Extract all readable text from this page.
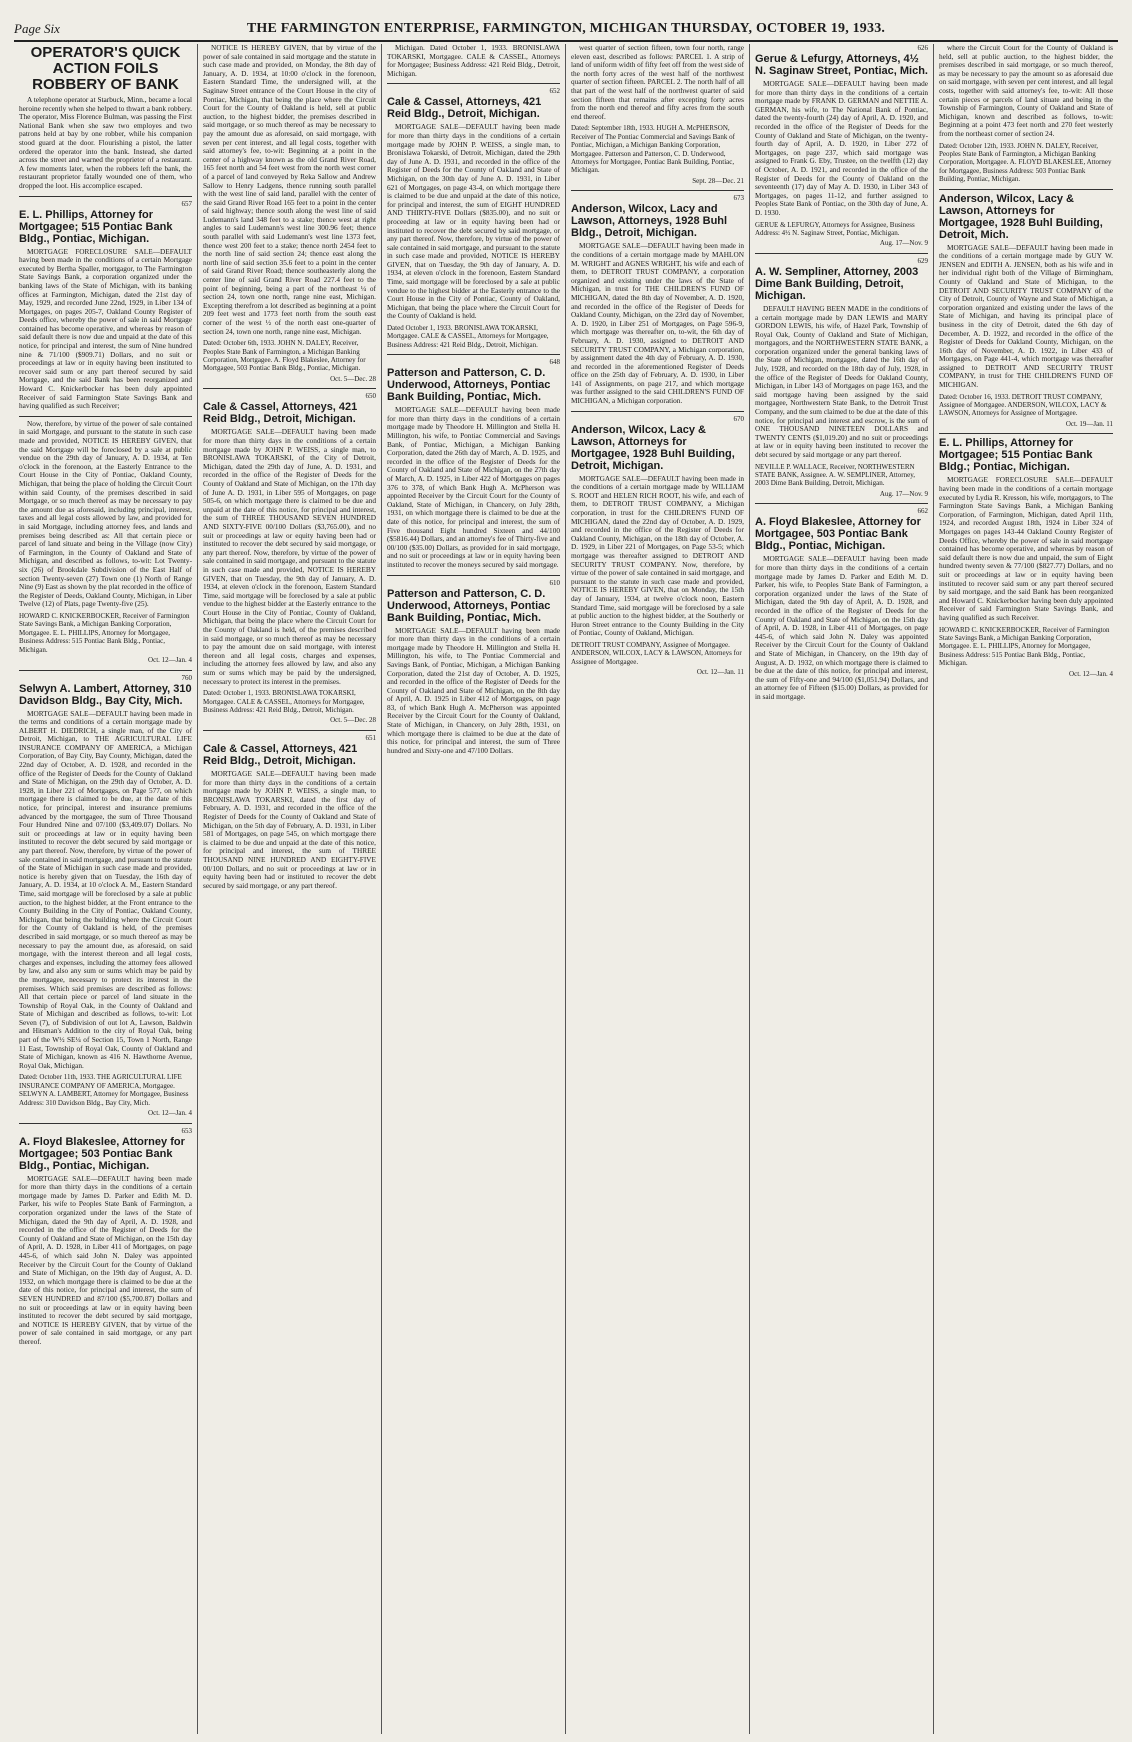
Page Six	THE FARMINGTON ENTERPRISE, FARMINGTON, MICHIGAN THURSDAY, OCTOBER 19, 1933.
OPERATOR'S QUICK ACTION FOILS ROBBERY OF BANK
A telephone operator at Starbuck, Minn., became a local heroine recently when she helped to thwart a bank robbery. The operator, Miss Florence Bulman, was passing the First National Bank when she saw two employes and two patrons held at bay by one robber, while his companion stood guard at the door. Flourishing a pistol, the latter ordered the operator into the bank. Instead, she darted across the street and warned the proprietor of a restaurant. A few moments later, when the robbers left the bank, the restaurant proprietor fatally wounded one of them, who dropped the loot. His accomplice escaped.
657
E. L. Phillips, Attorney for Mortgagee; 515 Pontiac Bank Bldg., Pontiac, Michigan.
MORTGAGE FORECLOSURE SALE—DEFAULT having been made in the conditions of a certain Mortgage executed by Bertha Spaller, mortgagor, to The Farmington State Savings Bank, a corporation organized under the banking laws of the State of Michigan, with its banking offices at Farmington, Michigan, dated the 21st day of May, 1929, and recorded June 22nd, 1929, in Liber 134 of Mortgages, on pages 205-7, Oakland County Register of Deeds office, whereby the power of sale in said Mortgage contained has become operative, and whereas by reason of said default there is now due and unpaid at the date of this notice, for principal and interest, the sum of Nine hundred nine & 71/100 ($909.71) Dollars, and no suit or proceedings at law or in equity having been instituted to recover said sum or any part thereof secured by said Mortgage, and the said Bank has been reorganized and Howard C. Knickerbocker has been duly appointed Receiver of said Farmington State Savings Bank and having qualified as such Receiver;
Now, therefore, by virtue of the power of sale contained in said Mortgage, and pursuant to the statute in such case made and provided, NOTICE IS HEREBY GIVEN, that the said Mortgage will be foreclosed by a sale at public vendue on the 29th day of January, A. D. 1934, at Ten o'clock in the forenoon, at the Easterly Entrance to the Court House in the City of Pontiac, Oakland County, Michigan, that being the place of holding the Circuit Court within said County, of the premises described in said Mortgage, or so much thereof as may be necessary to pay the amount due as aforesaid, including principal, interest, taxes and all legal costs allowed by law, and provided for in said Mortgage, including attorney fees, and lands and premises being described as: All that certain piece or parcel of land situate and being in the Village (now City) of Farmington, in the County of Oakland and State of Michigan, and described as follows, to-wit: Lot Twenty-six (26) of Brookdale Subdivision of the East Half of section Twenty-seven (27) Town one (1) North of Range Nine (9) East as shown by the plat recorded in the office of the Register of Deeds, Oakland County, Michigan, in Liber Twelve (12) of Plats, page Twenty-five (25).
HOWARD C. KNICKERBOCKER, Receiver of Farmington State Savings Bank, a Michigan Banking Corporation, Mortgagee. E. L. PHILLIPS, Attorney for Mortgagee, Business Address: 515 Pontiac Bank Bldg., Pontiac, Michigan.
Oct. 12—Jan. 4
760
Selwyn A. Lambert, Attorney, 310 Davidson Bldg., Bay City, Mich.
MORTGAGE SALE—DEFAULT having been made in the terms and conditions of a certain mortgage made by ALBERT H. DIEDRICH, a single man, of the City of Detroit, Michigan, to THE AGRICULTURAL LIFE INSURANCE COMPANY OF AMERICA, a Michigan Corporation, of Bay City, Bay County, Michigan, dated the 22nd day of October, A. D. 1928, and recorded in the office of the Register of Deeds for the County of Oakland and State of Michigan, on the 29th day of October, A. D. 1928, in Liber 221 of Mortgages, on Page 577, on which mortgage there is claimed to be due, at the date of this notice, for principal, interest and insurance premiums advanced by the mortgagee, the sum of Three Thousand Four Hundred Nine and 07/100 ($3,409.07) Dollars. No suit or proceedings at law or in equity having been instituted to recover the debt secured by said mortgage or any part thereof. Now, therefore, by virtue of the power of sale contained in said mortgage, and pursuant to the statute of the State of Michigan in such case made and provided, notice is hereby given that on Tuesday, the 16th day of January, A. D. 1934, at 10 o'clock A. M., Eastern Standard Time, said mortgage will be foreclosed by a sale at public auction, to the highest bidder, at the Front entrance to the County Building in the City of Pontiac, Oakland County, Michigan, that being the building where the Circuit Court for the County of Oakland is held, of the premises described in said mortgage, or so much thereof as may be necessary to pay the amount due, as aforesaid, on said mortgage, with the interest thereon and all legal costs, charges and expenses, including the attorney fees allowed by law, and also any sum or sums which may be paid by the mortgagee, necessary to protect its interest in the premises. Which said premises are described as follows: All that certain piece or parcel of land situate in the Township of Royal Oak, in the County of Oakland and State of Michigan and described as follows, to-wit: Lot Seven (7), of Subdivision of out lot A, Lawson, Baldwin and Hitsman's Addition to the city of Royal Oak, being part of the W½ SE¼ of Section 15, Town 1 North, Range 11 East, Township of Royal Oak, County of Oakland and State of Michigan, known as 416 N. Hawthorne Avenue, Royal Oak, Michigan.
Dated: October 11th, 1933. THE AGRICULTURAL LIFE INSURANCE COMPANY OF AMERICA, Mortgagee. SELWYN A. LAMBERT, Attorney for Mortgagee, Business Address: 310 Davidson Bldg., Bay City, Mich.
Oct. 12—Jan. 4
653
A. Floyd Blakeslee, Attorney for Mortgagee; 503 Pontiac Bank Bldg., Pontiac, Michigan.
MORTGAGE SALE—DEFAULT having been made for more than thirty days in the conditions of a certain mortgage made by James D. Parker and Edith M. D. Parker, his wife to Peoples State Bank of Farmington, a corporation organized under the laws of the State of Michigan, dated the 9th day of April, A. D. 1928, and recorded in the office of the Register of Deeds for the County of Oakland and State of Michigan, on the 15th day of April, A. D. 1928, in Liber 411 of Mortgages, on page 445-6, of which said John N. Daley was appointed Receiver by the Circuit Court for the County of Oakland and State of Michigan, on the 19th day of August, A. D. 1932, on which mortgage there is claimed to be due at the date of this notice, for principal and interest, the sum of SEVEN HUNDRED and 87/100 ($5,700.87) Dollars and no suit or proceedings at law or in equity having been instituted to recover the debt secured by said mortgage, and NOTICE IS HEREBY GIVEN, that by virtue of the power of sale contained in said mortgage, or any part thereof.
NOTICE IS HEREBY GIVEN, that by virtue of the power of sale contained in said mortgage and the statute in such case made and provided, on Monday, the 8th day of January, A. D. 1934, at 10:00 o'clock in the forenoon, Eastern Standard Time, the undersigned will, at the Saginaw Street entrance of the Court House in the city of Pontiac, Michigan, that being the place where the Circuit Court for the County of Oakland is held, sell at public auction, to the highest bidder, the premises described in said mortgage, or so much thereof as may be necessary to pay the amount due as aforesaid, on said mortgage, with seven per cent interest, and all legal costs, together with said attorney's fee, to-wit: Beginning at a point in the center of a highway known as the old Grand River Road, 165 feet north and 54 feet west from the north west corner of a parcel of land conveyed by Reka Sallow and Andrew Sallow to Henry Ladgens, thence running south parallel with the west line of said land, parallel with the center of the said Grand River Road 165 feet to a point in the center of said highway; thence south along the west line of said Ludemann's land 348 feet to a stake; thence west at right angles to said Ludemann's west line 300.96 feet; thence south parallel with said Ludemann's west line 1373 feet, thence west 200 feet to a stake; thence north 2454 feet to the north line of said section 24; thence east along the north line of said section 35.6 feet to a point in the center of said Grand River Road; thence southeasterly along the center line of said Grand River Road 227.4 feet to the point of beginning, being a part of the northeast ¼ of section 24, town one north, range nine east, Michigan. Excepting therefrom a lot described as beginning at a point 209 feet west and 1773 feet north from the south east corner of the west ½ of the north east one-quarter of section 24, town one north, range nine east, Michigan.
Dated: October 6th, 1933. JOHN N. DALEY, Receiver, Peoples State Bank of Farmington, a Michigan Banking Corporation, Mortgagee. A. Floyd Blakeslee, Attorney for Mortgagee, 503 Pontiac Bank Bldg., Pontiac, Michigan.
Oct. 5—Dec. 28
650
Cale & Cassel, Attorneys, 421 Reid Bldg., Detroit, Michigan.
MORTGAGE SALE—DEFAULT having been made for more than thirty days in the conditions of a certain mortgage made by JOHN P. WEISS, a single man, to BRONISLAWA TOKARSKI, of the City of Detroit, Michigan, dated the 29th day of June, A. D. 1931, and recorded in the office of the Register of Deeds for the County of Oakland and State of Michigan, on the 17th day of June A. D. 1931, in Liber 595 of Mortgages, on page 505-6, on which mortgage there is claimed to be due and unpaid at the date of this notice, for principal and interest, the sum of THREE THOUSAND SEVEN HUNDRED AND SIXTY-FIVE 00/100 Dollars ($3,765.00), and no suit or proceedings at law or equity having been had or instituted to recover the debt secured by said mortgage, or any part thereof. Now, therefore, by virtue of the power of sale contained in said mortgage, and pursuant to the statute in such case made and provided, NOTICE IS HEREBY GIVEN, that on Tuesday, the 9th day of January, A. D. 1934, at eleven o'clock in the forenoon, Eastern Standard Time, said mortgage will be foreclosed by a sale at public vendue to the highest bidder at the Easterly entrance to the Court House in the City of Pontiac, County of Oakland, Michigan, that being the place where the Circuit Court for the County of Oakland is held, of the premises described in said mortgage, or so much thereof as may be necessary to pay the amount due on said mortgage, with interest thereon and all legal costs, charges and expenses, including the attorney fees allowed by law, and also any sum or sums which may be paid by the undersigned, necessary to protect its interest in the premises.
Dated: October 1, 1933. BRONISLAWA TOKARSKI, Mortgagee. CALE & CASSEL, Attorneys for Mortgagee, Business Address: 421 Reid Bldg., Detroit, Michigan.
Oct. 5—Dec. 28
651
Cale & Cassel, Attorneys, 421 Reid Bldg., Detroit, Michigan.
MORTGAGE SALE—DEFAULT having been made for more than thirty days in the conditions of a certain mortgage made by JOHN P. WEISS, a single man, to BRONISLAWA TOKARSKI, dated the first day of February, A. D. 1931, and recorded in the office of the Register of Deeds for the County of Oakland and State of Michigan, on the 5th day of February, A. D. 1931, in Liber 581 of Mortgages, on page 545, on which mortgage there is claimed to be due and unpaid at the date of this notice, for principal and interest, the sum of THREE THOUSAND NINE HUNDRED AND EIGHTY-FIVE 00/100 Dollars, and no suit or proceedings at law or in equity having been had or instituted to recover the debt secured by said mortgage, or any part thereof.
Michigan. Dated October 1, 1933. BRONISLAWA TOKARSKI, Mortgagee. CALE & CASSEL, Attorneys for Mortgagee; Business Address: 421 Reid Bldg., Detroit, Michigan.
652
Cale & Cassel, Attorneys, 421 Reid Bldg., Detroit, Michigan.
MORTGAGE SALE—DEFAULT having been made for more than thirty days in the conditions of a certain mortgage made by JOHN P. WEISS, a single man, to Bronislawa Tokarski, of Detroit, Michigan, dated the 29th day of June A. D. 1931, and recorded in the office of the Register of Deeds for the County of Oakland and State of Michigan, on the 30th day of June A. D. 1931, in Liber 621 of Mortgages, on page 43-4, on which mortgage there is claimed to be due and unpaid at the date of this notice, for principal and interest, the sum of EIGHT HUNDRED AND THIRTY-FIVE Dollars ($835.00), and no suit or proceeding at law or in equity having been had or instituted to recover the debt secured by said mortgage, or any part thereof. Now, therefore, by virtue of the power of sale contained in said mortgage, and pursuant to the statute in such case made and provided, NOTICE IS HEREBY GIVEN, that on Tuesday, the 9th day of January, A. D. 1934, at eleven o'clock in the forenoon, Eastern Standard Time, said mortgage will be foreclosed by a sale at public vendue to the highest bidder at the Easterly entrance to the Court House in the City of Pontiac, County of Oakland, Michigan, that being the place where the Circuit Court for the County of Oakland is held.
Dated October 1, 1933. BRONISLAWA TOKARSKI, Mortgagee. CALE & CASSEL, Attorneys for Mortgagee, Business Address: 421 Reid Bldg., Detroit, Michigan.
648
Patterson and Patterson, C. D. Underwood, Attorneys, Pontiac Bank Building, Pontiac, Mich.
MORTGAGE SALE—DEFAULT having been made for more than thirty days in the conditions of a certain mortgage made by Theodore H. Millington and Stella H. Millington, his wife, to Pontiac Commercial and Savings Bank, of Pontiac, Michigan, a Michigan Banking Corporation, dated the 26th day of March, A. D. 1925, and recorded in the office of the Register of Deeds for the County of Oakland and State of Michigan, on the 27th day of March, A. D. 1925, in Liber 422 of Mortgages on pages 376 to 378, of which Bank Hugh A. McPherson was appointed Receiver by the Circuit Court for the County of Oakland, State of Michigan, in Chancery, on July 28th, 1931, on which mortgage there is claimed to be due at the date of this notice, for principal and interest, the sum of Five thousand Eight hundred Sixteen and 44/100 ($5816.44) Dollars, and an attorney's fee of Thirty-five and 00/100 ($35.00) Dollars, as provided for in said mortgage, and no suit or proceedings at law or in equity having been instituted to recover the moneys secured by said mortgage.
610
Patterson and Patterson, C. D. Underwood, Attorneys, Pontiac Bank Building, Pontiac, Mich.
MORTGAGE SALE—DEFAULT having been made for more than thirty days in the conditions of a certain mortgage made by Theodore H. Millington and Stella H. Millington, his wife, to The Pontiac Commercial and Savings Bank, of Pontiac, Michigan, a Michigan Banking Corporation, dated the 21st day of October, A. D. 1925, and recorded in the office of the Register of Deeds for the County of Oakland and State of Michigan, on the 8th day of April, A. D. 1925 in Liber 412 of Mortgages, on page 83, of which Bank Hugh A. McPherson was appointed Receiver by the Circuit Court for the County of Oakland, State of Michigan, in Chancery, on July 28th, 1931, on which mortgage there is claimed to be due at the date of this notice, for principal and interest, the sum of Three hundred and Sixty-one and 47/100 Dollars.
west quarter of section fifteen, town four north, range eleven east, described as follows: PARCEL 1. A strip of land of uniform width of fifty feet off from the west side of the north forty acres of the west half of the northwest quarter of section fifteen. PARCEL 2. The north half of all that part of the west half of the northwest quarter of said section fifteen that remains after excepting forty acres from the north end thereof and fifty acres from the south end thereof.
Dated: September 18th, 1933. HUGH A. McPHERSON, Receiver of The Pontiac Commercial and Savings Bank of Pontiac, Michigan, a Michigan Banking Corporation, Mortgagee. Patterson and Patterson, C. D. Underwood, Attorneys for Mortgagee, Pontiac Bank Building, Pontiac, Michigan.
Sept. 28—Dec. 21
673
Anderson, Wilcox, Lacy and Lawson, Attorneys, 1928 Buhl Bldg., Detroit, Michigan.
MORTGAGE SALE—DEFAULT having been made in the conditions of a certain mortgage made by MAHLON M. WRIGHT and AGNES WRIGHT, his wife and each of them, to DETROIT TRUST COMPANY, a corporation organized and existing under the laws of the State of Michigan, in trust for THE CHILDREN'S FUND OF MICHIGAN, dated the 8th day of November, A. D. 1920, and recorded in the office of the Register of Deeds for Oakland County, Michigan, on the 23rd day of November, A. D. 1920, in Liber 251 of Mortgages, on Page 596-9, which mortgage was thereafter on, to-wit, the 6th day of February, A. D. 1930, assigned to DETROIT AND SECURITY TRUST COMPANY, a Michigan corporation, by assignment dated the 4th day of February, A. D. 1930, and recorded in the aforementioned Register of Deeds office on the 25th day of February, A. D. 1930, in Liber 141 of Assignments, on page 217, and which mortgage was further assigned to the said CHILDREN'S FUND OF MICHIGAN, a Michigan corporation.
670
Anderson, Wilcox, Lacy & Lawson, Attorneys for Mortgagee, 1928 Buhl Building, Detroit, Michigan.
MORTGAGE SALE—DEFAULT having been made in the conditions of a certain mortgage made by WILLIAM S. ROOT and HELEN RICH ROOT, his wife, and each of them, to DETROIT TRUST COMPANY, a Michigan corporation, in trust for the CHILDREN'S FUND OF MICHIGAN, dated the 22nd day of October, A. D. 1929, and recorded in the office of the Register of Deeds for Oakland County, Michigan, on the 18th day of October, A. D. 1929, in Liber 221 of Mortgages, on Page 53-5; which mortgage was thereafter assigned to DETROIT AND SECURITY TRUST COMPANY. Now, therefore, by virtue of the power of sale contained in said mortgage, and pursuant to the statute in such case made and provided, NOTICE IS HEREBY GIVEN, that on Monday, the 15th day of January, 1934, at twelve o'clock noon, Eastern Standard Time, said mortgage will be foreclosed by a sale at public auction to the highest bidder, at the Southerly or Huron Street entrance to the County Building in the City of Pontiac, County of Oakland, Michigan.
DETROIT TRUST COMPANY, Assignee of Mortgagee. ANDERSON, WILCOX, LACY & LAWSON, Attorneys for Assignee of Mortgagee.
Oct. 12—Jan. 11
626
Gerue & Lefurgy, Attorneys, 4½ N. Saginaw Street, Pontiac, Mich.
MORTGAGE SALE—DEFAULT having been made for more than thirty days in the conditions of a certain mortgage made by FRANK D. GERMAN and NETTIE A. GERMAN, his wife, to The National Bank of Pontiac, dated the twenty-fourth (24) day of April, A. D. 1920, and recorded in the office of the Register of Deeds for the County of Oakland and State of Michigan, on the twenty-fourth day of April, A. D. 1920, in Liber 272 of Mortgages, on page 237, which said mortgage was assigned to Frank G. Eby, Trustee, on the twelfth (12) day of October, A. D. 1921, and recorded in the office of the Register of Deeds for the County of Oakland on the seventeenth (17) day of May A. D. 1930, in Liber 343 of Mortgages, on pages 11-12, and further assigned to Peoples State Bank of Pontiac, on the 30th day of June, A. D. 1930.
GERUE & LEFURGY, Attorneys for Assignee, Business Address: 4½ N. Saginaw Street, Pontiac, Michigan.
Aug. 17—Nov. 9
629
A. W. Sempliner, Attorney, 2003 Dime Bank Building, Detroit, Michigan.
DEFAULT HAVING BEEN MADE in the conditions of a certain mortgage made by DAN LEWIS and MARY GORDON LEWIS, his wife, of Hazel Park, Township of Royal Oak, County of Oakland and State of Michigan, mortgagors, and the NORTHWESTERN STATE BANK, a corporation organized under the general banking laws of the State of Michigan, mortgagee, dated the 16th day of July, 1928, and recorded on the 18th day of July, 1928, in the office of the Register of Deeds for Oakland County, Michigan, in Liber 143 of Mortgages on page 163, and the said mortgage having been assigned by the said mortgagee, Northwestern State Bank, to the Detroit Trust Company, and the sum claimed to be due at the date of this notice, for principal and interest and escrow, is the sum of ONE THOUSAND NINETEEN DOLLARS and TWENTY CENTS ($1,019.20) and no suit or proceedings at law or in equity having been instituted to recover the debt secured by said mortgage or any part thereof.
NEVILLE P. WALLACE, Receiver, NORTHWESTERN STATE BANK, Assignee. A. W. SEMPLINER, Attorney, 2003 Dime Bank Building, Detroit, Michigan.
Aug. 17—Nov. 9
662
A. Floyd Blakeslee, Attorney for Mortgagee, 503 Pontiac Bank Bldg., Pontiac, Michigan.
MORTGAGE SALE—DEFAULT having been made for more than thirty days in the conditions of a certain mortgage made by James D. Parker and Edith M. D. Parker, his wife, to Peoples State Bank of Farmington, a corporation organized under the laws of the State of Michigan, dated the 9th day of April, A. D. 1928, and recorded in the office of the Register of Deeds for the County of Oakland and State of Michigan, on the 15th day of April, A. D. 1928, in Liber 411 of Mortgages, on page 445-6, of which said John N. Daley was appointed Receiver by the Circuit Court for the County of Oakland and State of Michigan, in Chancery, on the 19th day of August, A. D. 1932, on which mortgage there is claimed to be due at the date of this notice, for principal and interest, the sum of Fifty-one and 94/100 ($1,051.94) Dollars, and an attorney fee of Fifteen ($15.00) Dollars, as provided for in said mortgage.
where the Circuit Court for the County of Oakland is held, sell at public auction, to the highest bidder, the premises described in said mortgage, or so much thereof, as may be necessary to pay the amount so as aforesaid due on said mortgage, with seven per cent interest, and all legal costs, together with said attorney's fee, to-wit: All those certain pieces or parcels of land situate and being in the Township of Farmington, County of Oakland and State of Michigan, known and described as follows, to-wit: Beginning at a point 473 feet north and 270 feet westerly from the northeast corner of section 24.
Dated: October 12th, 1933. JOHN N. DALEY, Receiver, Peoples State Bank of Farmington, a Michigan Banking Corporation, Mortgagee. A. FLOYD BLAKESLEE, Attorney for Mortgagee, Business Address: 503 Pontiac Bank Building, Pontiac, Michigan.
Anderson, Wilcox, Lacy & Lawson, Attorneys for Mortgagee, 1928 Buhl Building, Detroit, Mich.
MORTGAGE SALE—DEFAULT having been made in the conditions of a certain mortgage made by GUY W. JENSEN and EDITH A. JENSEN, both as his wife and in her individual right both of the Village of Birmingham, County of Oakland and State of Michigan, to the DETROIT AND SECURITY TRUST COMPANY of the City of Detroit, County of Wayne and State of Michigan, a corporation organized and existing under the laws of the State of Michigan, and having its principal place of business in the city of Detroit, dated the 6th day of December, A. D. 1922, and recorded in the office of the Register of Deeds for Oakland County, Michigan, on the 16th day of November, A. D. 1922, in Liber 433 of Mortgages, on Page 441-4, which mortgage was thereafter assigned to DETROIT AND SECURITY TRUST COMPANY, in trust for THE CHILDREN'S FUND OF MICHIGAN.
Dated: October 16, 1933. DETROIT TRUST COMPANY, Assignee of Mortgagee. ANDERSON, WILCOX, LACY & LAWSON, Attorneys for Assignee of Mortgagee.
Oct. 19—Jan. 11
E. L. Phillips, Attorney for Mortgagee; 515 Pontiac Bank Bldg.; Pontiac, Michigan.
MORTGAGE FORECLOSURE SALE—DEFAULT having been made in the conditions of a certain mortgage executed by Lydia R. Kresson, his wife, mortgagors, to The Farmington State Savings Bank, a Michigan Banking Corporation, of Farmington, Michigan, dated April 11th, 1924, and recorded August 18th, 1924 in Liber 324 of Mortgages on pages 143-44 Oakland County Register of Deeds Office, whereby the power of sale in said mortgage contained has become operative, and whereas by reason of said default there is now due and unpaid, the sum of Eight hundred twenty seven & 77/100 ($827.77) Dollars, and no suit or proceedings at law or in equity having been instituted to recover said sum or any part thereof secured by said mortgage, and the said Bank has been reorganized and Howard C. Knickerbocker having been duly appointed Receiver of said Farmington State Savings Bank, and having qualified as such Receiver.
HOWARD C. KNICKERBOCKER, Receiver of Farmington State Savings Bank, a Michigan Banking Corporation, Mortgagee. E. L. PHILLIPS, Attorney for Mortgagee, Business Address: 515 Pontiac Bank Bldg., Pontiac, Michigan.
Oct. 12—Jan. 4
